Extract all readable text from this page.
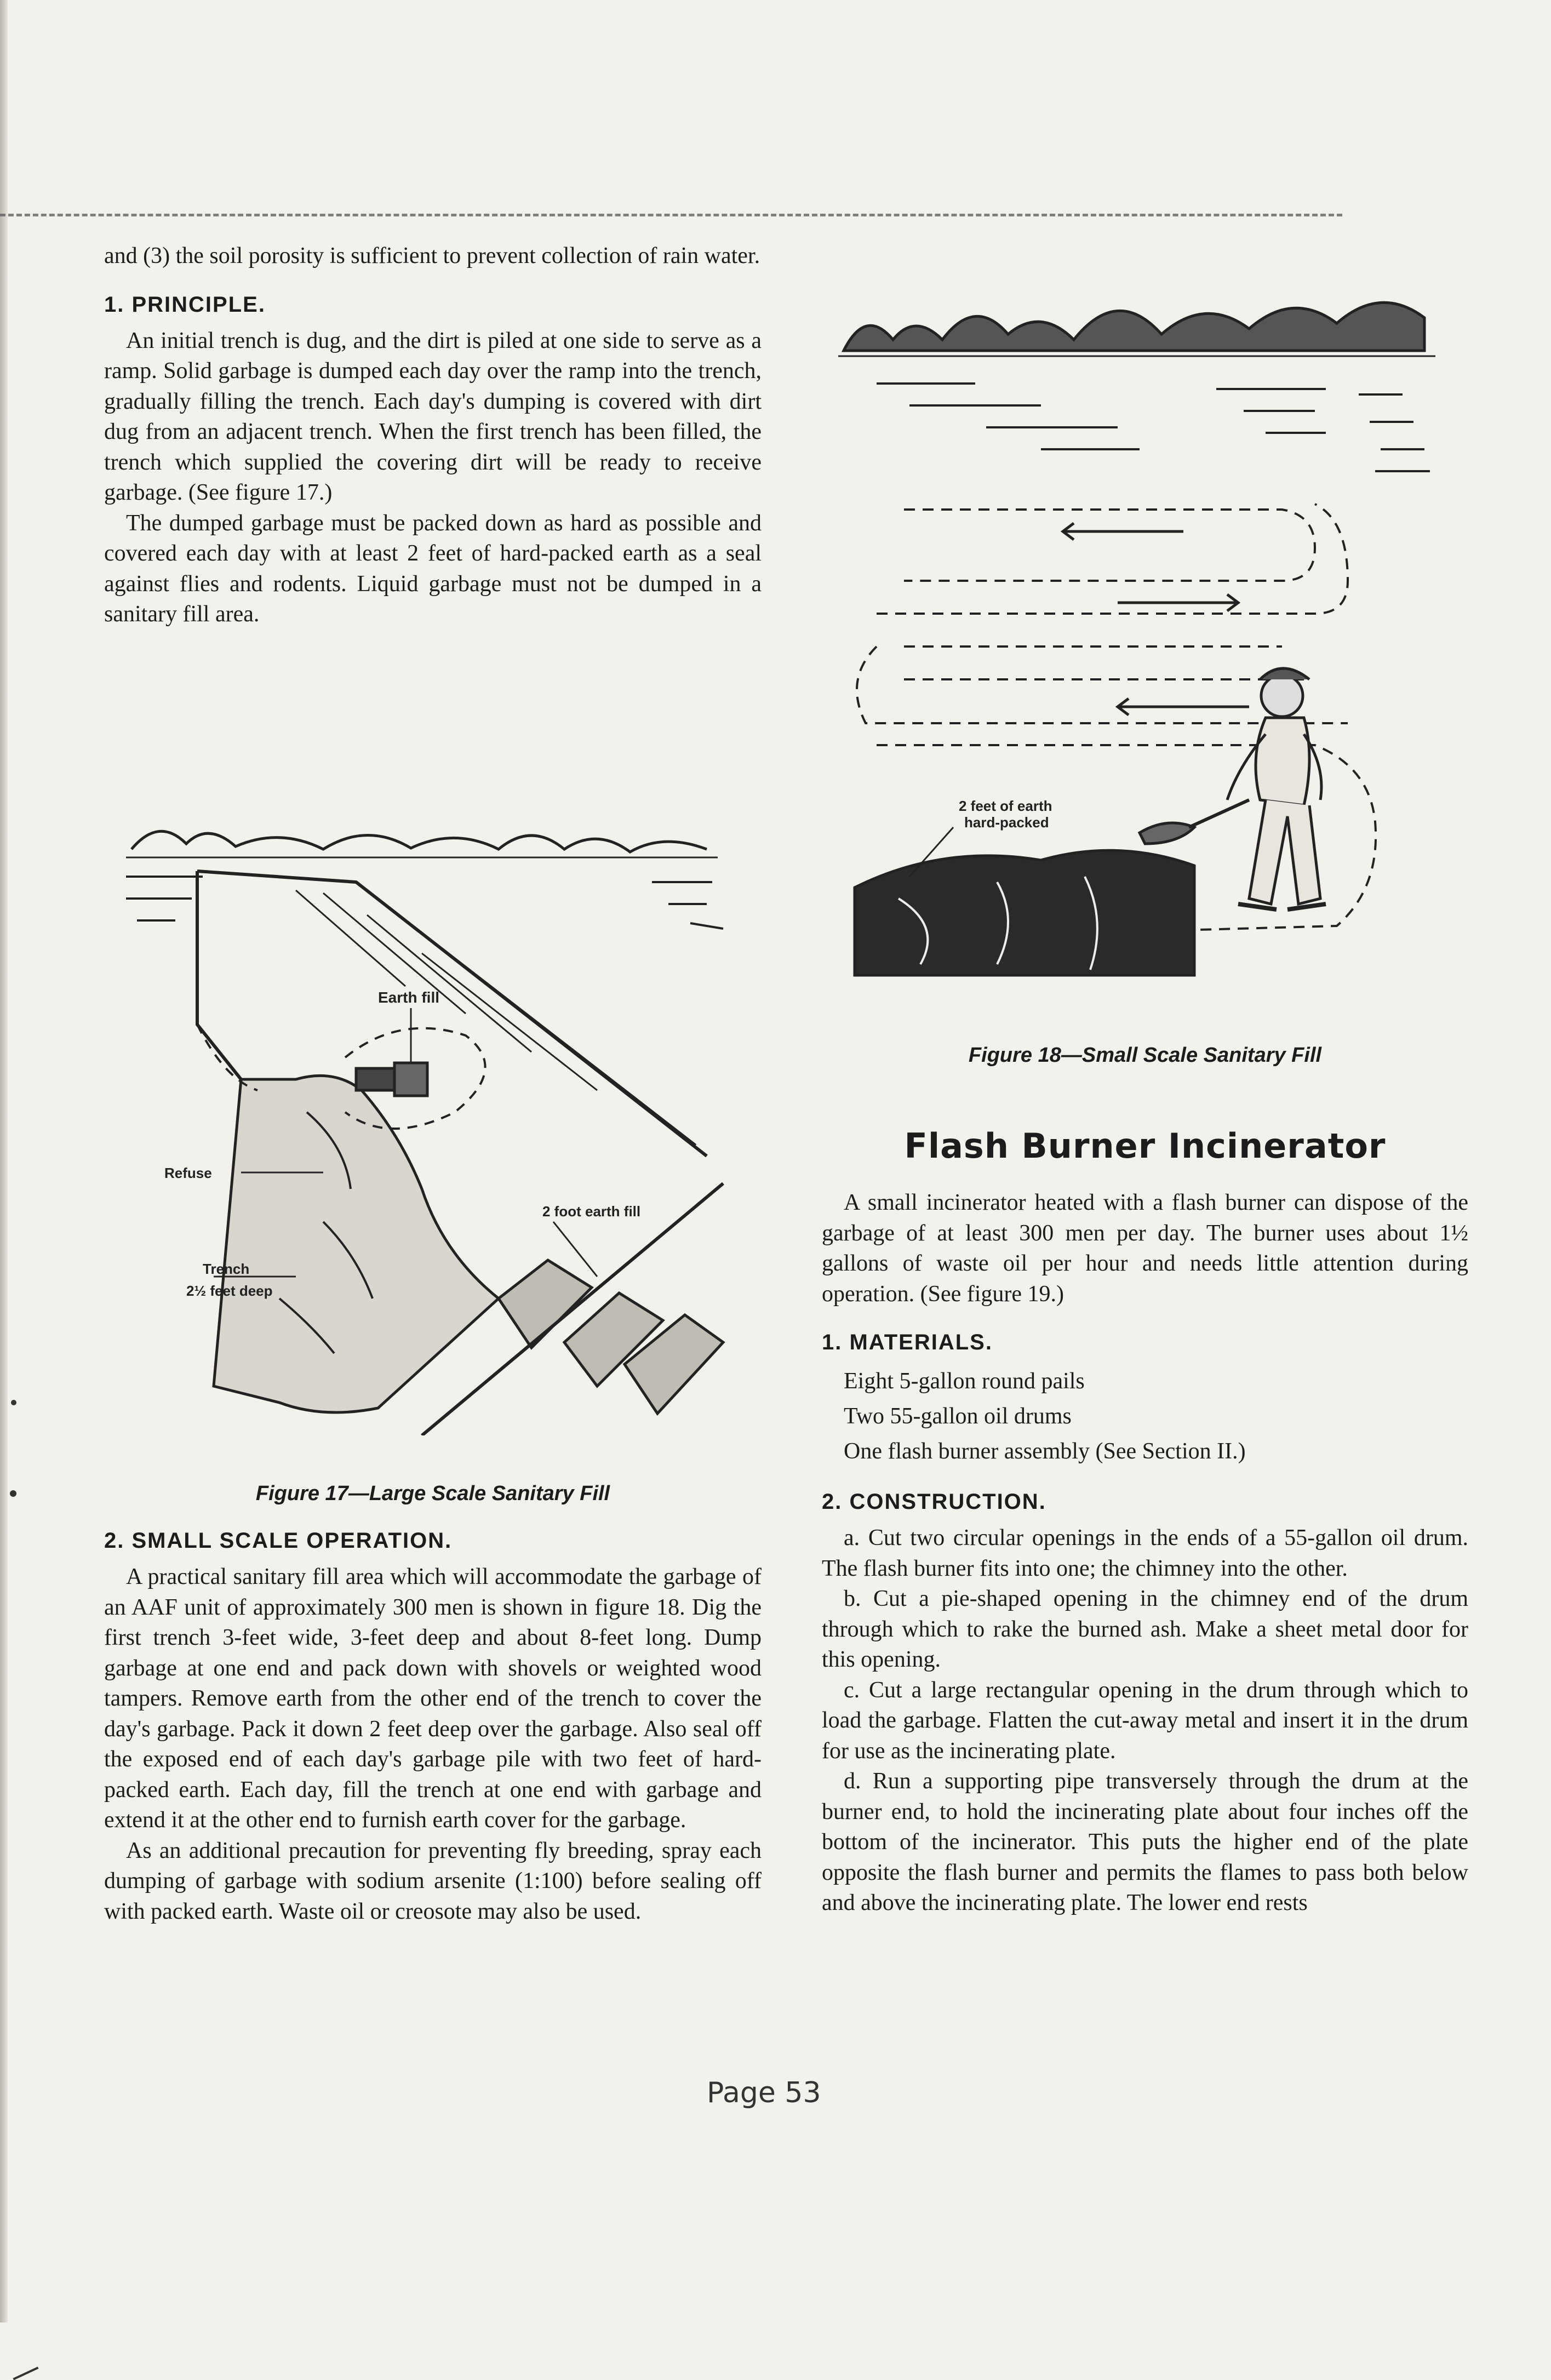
and (3) the soil porosity is sufficient to prevent collection of rain water.

1. PRINCIPLE.

An initial trench is dug, and the dirt is piled at one side to serve as a ramp. Solid garbage is dumped each day over the ramp into the trench, gradually filling the trench. Each day's dumping is covered with dirt dug from an adjacent trench. When the first trench has been filled, the trench which supplied the covering dirt will be ready to receive garbage. (See figure 17.)

The dumped garbage must be packed down as hard as possible and covered each day with at least 2 feet of hard-packed earth as a seal against flies and rodents. Liquid garbage must not be dumped in a sanitary fill area.

Earth fill
Refuse
2 foot earth fill
Trench
2½ feet deep
Figure 17—Large Scale Sanitary Fill
2. SMALL SCALE OPERATION.

A practical sanitary fill area which will accommodate the garbage of an AAF unit of approximately 300 men is shown in figure 18. Dig the first trench 3-feet wide, 3-feet deep and about 8-feet long. Dump garbage at one end and pack down with shovels or weighted wood tampers. Remove earth from the other end of the trench to cover the day's garbage. Pack it down 2 feet deep over the garbage. Also seal off the exposed end of each day's garbage pile with two feet of hard-packed earth. Each day, fill the trench at one end with garbage and extend it at the other end to furnish earth cover for the garbage.

As an additional precaution for preventing fly breeding, spray each dumping of garbage with sodium arsenite (1:100) before sealing off with packed earth. Waste oil or creosote may also be used.

2 feet of earth
hard-packed
Figure 18—Small Scale Sanitary Fill
Flash Burner Incinerator

A small incinerator heated with a flash burner can dispose of the garbage of at least 300 men per day. The burner uses about 1½ gallons of waste oil per hour and needs little attention during operation. (See figure 19.)

1. MATERIALS.
Eight 5-gallon round pails
Two 55-gallon oil drums
One flash burner assembly (See Section II.)
2. CONSTRUCTION.

a. Cut two circular openings in the ends of a 55-gallon oil drum. The flash burner fits into one; the chimney into the other.

b. Cut a pie-shaped opening in the chimney end of the drum through which to rake the burned ash. Make a sheet metal door for this opening.

c. Cut a large rectangular opening in the drum through which to load the garbage. Flatten the cut-away metal and insert it in the drum for use as the incinerating plate.

d. Run a supporting pipe transversely through the drum at the burner end, to hold the incinerating plate about four inches off the bottom of the incinerator. This puts the higher end of the plate opposite the flash burner and permits the flames to pass both below and above the incinerating plate. The lower end rests

Page 53
